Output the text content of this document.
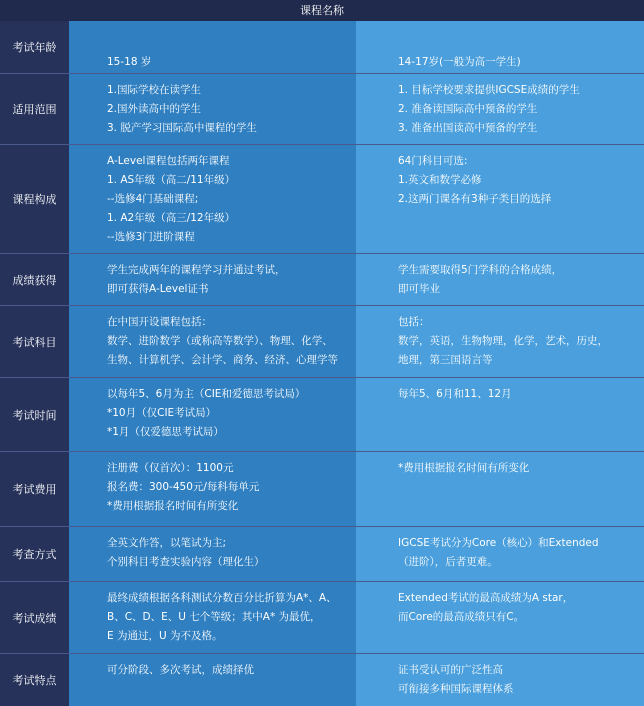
课程名称
考试年龄
15-18 岁	14-17岁(一般为高一学生)
适用范围
1.国际学校在读学生
2.国外读高中的学生
3. 脱产学习国际高中课程的学生
1. 目标学校要求提供IGCSE成绩的学生
2. 准备读国际高中预备的学生
3. 准备出国读高中预备的学生
课程构成
A-Level课程包括两年课程
1. AS年级（高二/11年级）
--选修4门基础课程;
1. A2年级（高三/12年级）
--选修3门进阶课程
64门科目可选:
1.英文和数学必修
2.这两门课各有3种子类目的选择
成绩获得
学生完成两年的课程学习并通过考试，
即可获得A-Level证书
学生需要取得5门学科的合格成绩，
即可毕业
考试科目
在中国开设课程包括：
数学、进阶数学（或称高等数学）、物理、化学、
生物、计算机学、会计学、商务、经济、心理学等
包括：
数学，英语，生物物理，化学，艺术，历史，
地理，第三国语言等
考试时间
以每年5、6月为主（CIE和爱德思考试局）
*10月（仅CIE考试局）
*1月（仅爱德思考试局）
每年5、6月和11、12月
考试费用
注册费（仅首次）：1100元
报名费：300-450元/每科每单元
*费用根据报名时间有所变化
*费用根据报名时间有所变化
考查方式
全英文作答，以笔试为主;
个别科目考查实验内容（理化生）
IGCSE考试分为Core（核心）和Extended
（进阶），后者更难。
考试成绩
最终成绩根据各科测试分数百分比折算为A*、A、
B、C、D、E、U 七个等级；其中A* 为最优，
E 为通过，U 为不及格。
Extended考试的最高成绩为A star，
而Core的最高成绩只有C。
考试特点
可分阶段、多次考试，成绩择优	证书受认可的广泛性高
可衔接多种国际课程体系
